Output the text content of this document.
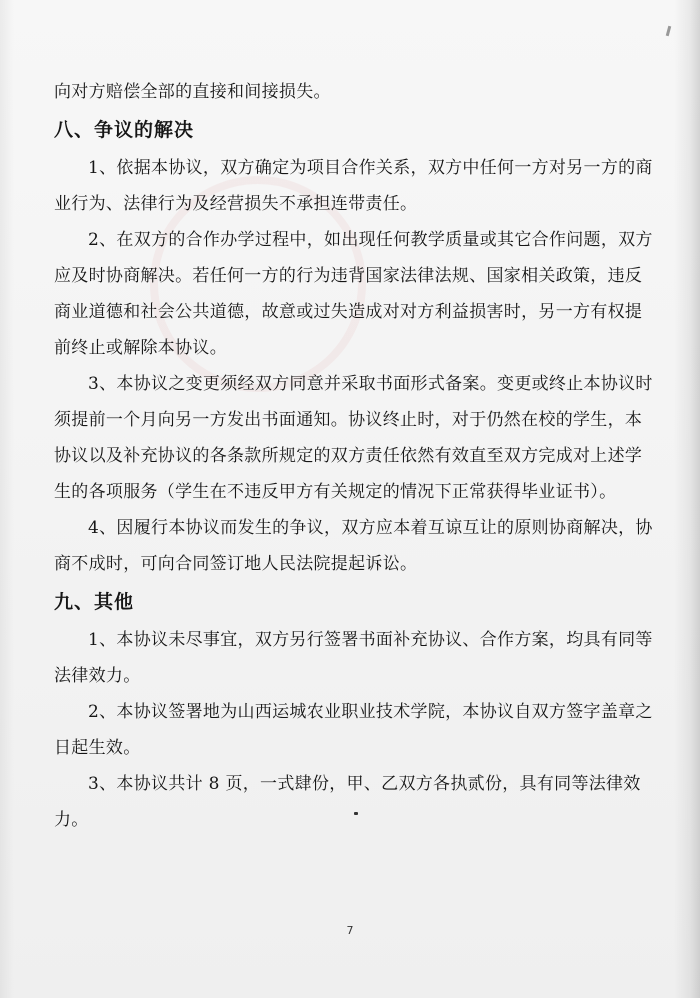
向对方赔偿全部的直接和间接损失。

八、争议的解决

1、依据本协议，双方确定为项目合作关系，双方中任何一方对另一方的商业行为、法律行为及经营损失不承担连带责任。

2、在双方的合作办学过程中，如出现任何教学质量或其它合作问题，双方应及时协商解决。若任何一方的行为违背国家法律法规、国家相关政策，违反商业道德和社会公共道德，故意或过失造成对对方利益损害时，另一方有权提前终止或解除本协议。

3、本协议之变更须经双方同意并采取书面形式备案。变更或终止本协议时须提前一个月向另一方发出书面通知。协议终止时，对于仍然在校的学生，本协议以及补充协议的各条款所规定的双方责任依然有效直至双方完成对上述学生的各项服务（学生在不违反甲方有关规定的情况下正常获得毕业证书）。

4、因履行本协议而发生的争议，双方应本着互谅互让的原则协商解决，协商不成时，可向合同签订地人民法院提起诉讼。

九、其他

1、本协议未尽事宜，双方另行签署书面补充协议、合作方案，均具有同等法律效力。

2、本协议签署地为山西运城农业职业技术学院，本协议自双方签字盖章之日起生效。

3、本协议共计 8 页，一式肆份，甲、乙双方各执贰份，具有同等法律效力。

7
